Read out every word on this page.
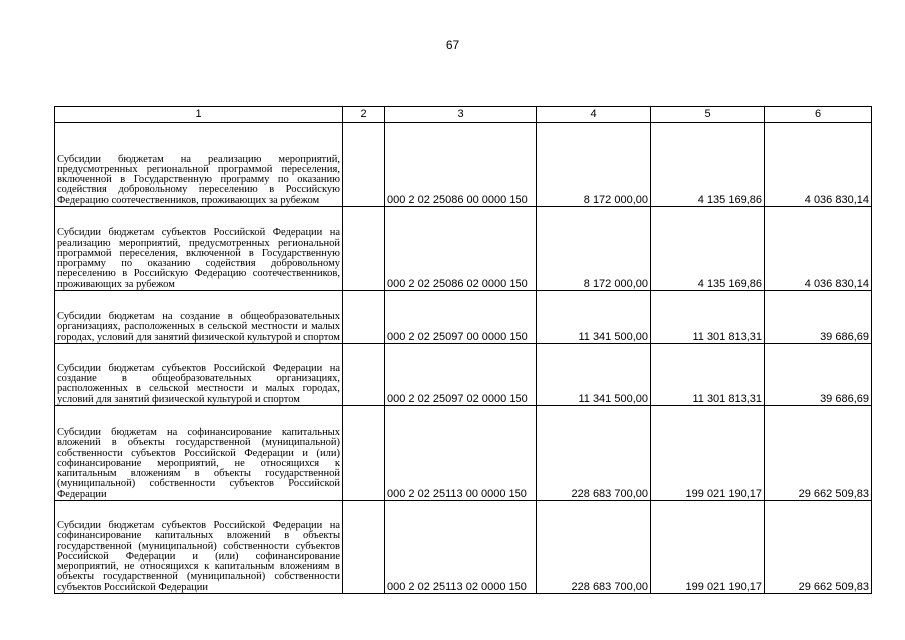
67
1	2	3	4	5	6
Субсидии бюджетам на реализацию мероприятий, предусмотренных региональной программой переселения, включенной в Государственную программу по оказанию содействия добровольному переселению в Российскую Федерацию соотечественников, проживающих за рубежом		000 2 02 25086 00 0000 150	8 172 000,00	4 135 169,86	4 036 830,14
Субсидии бюджетам субъектов Российской Федерации на реализацию мероприятий, предусмотренных региональной программой переселения, включенной в Государственную программу по оказанию содействия добровольному переселению в Российскую Федерацию соотечественников, проживающих за рубежом		000 2 02 25086 02 0000 150	8 172 000,00	4 135 169,86	4 036 830,14
Субсидии бюджетам на создание в общеобразовательных организациях, расположенных в сельской местности и малых городах, условий для занятий физической культурой и спортом		000 2 02 25097 00 0000 150	11 341 500,00	11 301 813,31	39 686,69
Субсидии бюджетам субъектов Российской Федерации на создание в общеобразовательных организациях, расположенных в сельской местности и малых городах, условий для занятий физической культурой и спортом		000 2 02 25097 02 0000 150	11 341 500,00	11 301 813,31	39 686,69
Субсидии бюджетам на софинансирование капитальных вложений в объекты государственной (муниципальной) собственности субъектов Российской Федерации и (или) софинансирование мероприятий, не относящихся к капитальным вложениям в объекты государственной (муниципальной) собственности субъектов Российской Федерации		000 2 02 25113 00 0000 150	228 683 700,00	199 021 190,17	29 662 509,83
Субсидии бюджетам субъектов Российской Федерации на софинансирование капитальных вложений в объекты государственной (муниципальной) собственности субъектов Российской Федерации и (или) софинансирование мероприятий, не относящихся к капитальным вложениям в объекты государственной (муниципальной) собственности субъектов Российской Федерации		000 2 02 25113 02 0000 150	228 683 700,00	199 021 190,17	29 662 509,83
